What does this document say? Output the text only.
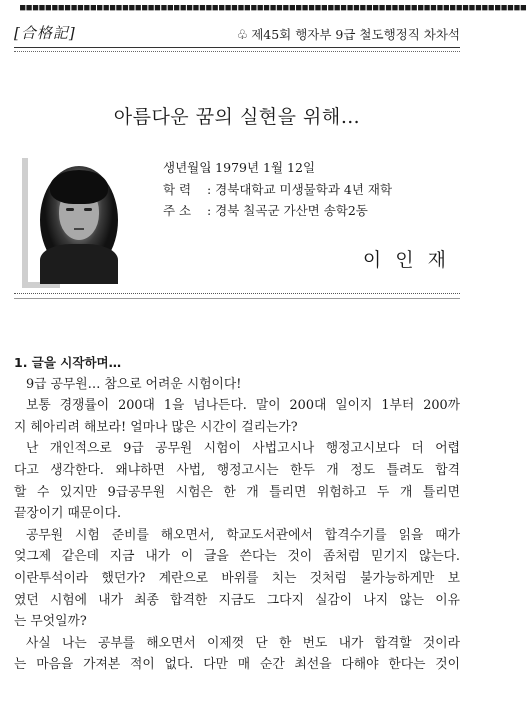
■■■■■■■■■■■■■■■■■■■■■■■■■■■■■■■■■■■■■■■■■■■■■■■■■■■■■■■■■■■■■■■■■■■■■■■■■■■■■■■
[合格記]	♧ 제45회 행자부 9급 철도행정직 차차석
아름다운 꿈의 실현을 위해…
생년월일: 1979년 1월 12일
학 력 : 경북대학교 미생물학과 4년 재학
주 소 : 경북 칠곡군 가산면 송학2동
이 인 재

1. 글을 시작하며…

9급 공무원… 참으로 어려운 시험이다!

보통 경쟁률이 200대 1을 넘나든다. 말이 200대 일이지 1부터 200까

지 헤아리려 해보라! 얼마나 많은 시간이 걸리는가?

난 개인적으로 9급 공무원 시험이 사법고시나 행정고시보다 더 어렵

다고 생각한다. 왜냐하면 사법, 행정고시는 한두 개 정도 틀려도 합격

할 수 있지만 9급공무원 시험은 한 개 틀리면 위험하고 두 개 틀리면

끝장이기 때문이다.

공무원 시험 준비를 해오면서, 학교도서관에서 합격수기를 읽을 때가

엊그제 같은데 지금 내가 이 글을 쓴다는 것이 좀처럼 믿기지 않는다.

이란투석이라 했던가? 계란으로 바위를 치는 것처럼 불가능하게만 보

였던 시험에 내가 최종 합격한 지금도 그다지 실감이 나지 않는 이유

는 무엇일까?

사실 나는 공부를 해오면서 이제껏 단 한 번도 내가 합격할 것이라

는 마음을 가져본 적이 없다. 다만 매 순간 최선을 다해야 한다는 것이
